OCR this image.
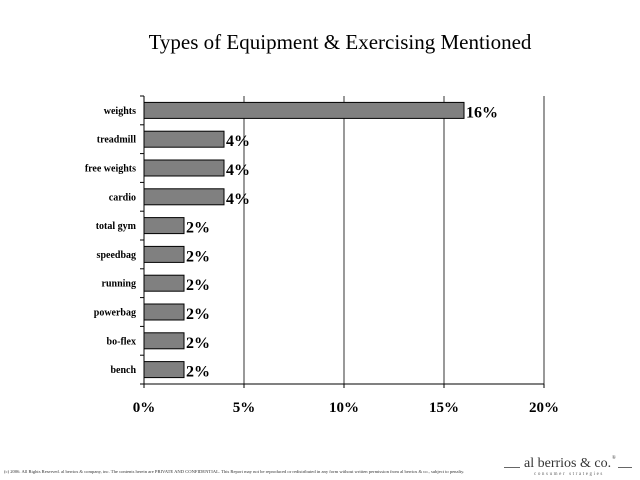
Types of Equipment & Exercising Mentioned
0%	5%	10%	15%	20%
weights	16%
treadmill	4%
free weights	4%
cardio	4%
total gym	2%
speedbag	2%
running	2%
powerbag	2%
bo-flex	2%
bench	2%
(c) 2006. All Rights Reserved. al berrios & company, inc. The contents herein are PRIVATE AND CONFIDENTIAL. This Report may not be reproduced or redistributed in any form without written permission from al berrios & co., subject to penalty.
al berrios & co. ®
consumer strategies
